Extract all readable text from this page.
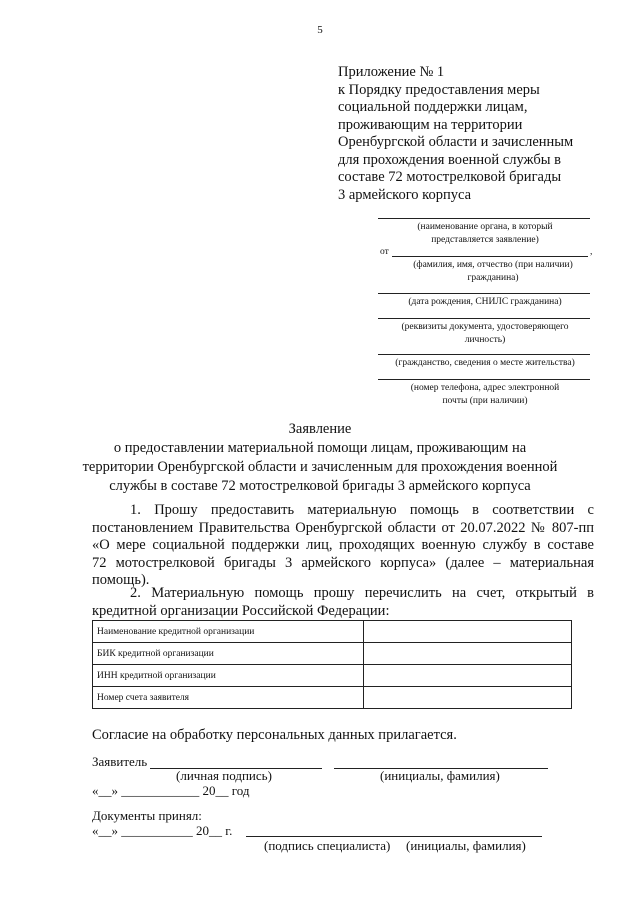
5
Приложение № 1
к Порядку предоставления меры
социальной поддержки лицам,
проживающим на территории
Оренбургской области и зачисленным
для прохождения военной службы в
составе 72 мотострелковой бригады
3 армейского корпуса
(наименование органа, в который
представляется заявление)
от	,
(фамилия, имя, отчество (при наличии)
гражданина)
(дата рождения, СНИЛС гражданина)
(реквизиты документа, удостоверяющего
личность)
(гражданство, сведения о месте жительства)
(номер телефона, адрес электронной
почты (при наличии)
Заявление
о предоставлении материальной помощи лицам, проживающим на
территории Оренбургской области и зачисленным для прохождения военной
службы в составе 72 мотострелковой бригады 3 армейского корпуса
1. Прошу предоставить материальную помощь в соответствии с
постановлением Правительства Оренбургской области от 20.07.2022 № 807-пп
«О мере социальной поддержки лиц, проходящих военную службу в составе
72 мотострелковой бригады 3 армейского корпуса» (далее – материальная
помощь).
2. Материальную помощь прошу перечислить на счет, открытый в
кредитной организации Российской Федерации:
Наименование кредитной организации	
БИК кредитной организации	
ИНН кредитной организации	
Номер счета заявителя	
Согласие на обработку персональных данных прилагается.
Заявитель
(личная подпись)	(инициалы, фамилия)
«__» ____________ 20__ год
Документы принял:
«__» ___________ 20__ г.
(подпись специалиста) (инициалы, фамилия)
